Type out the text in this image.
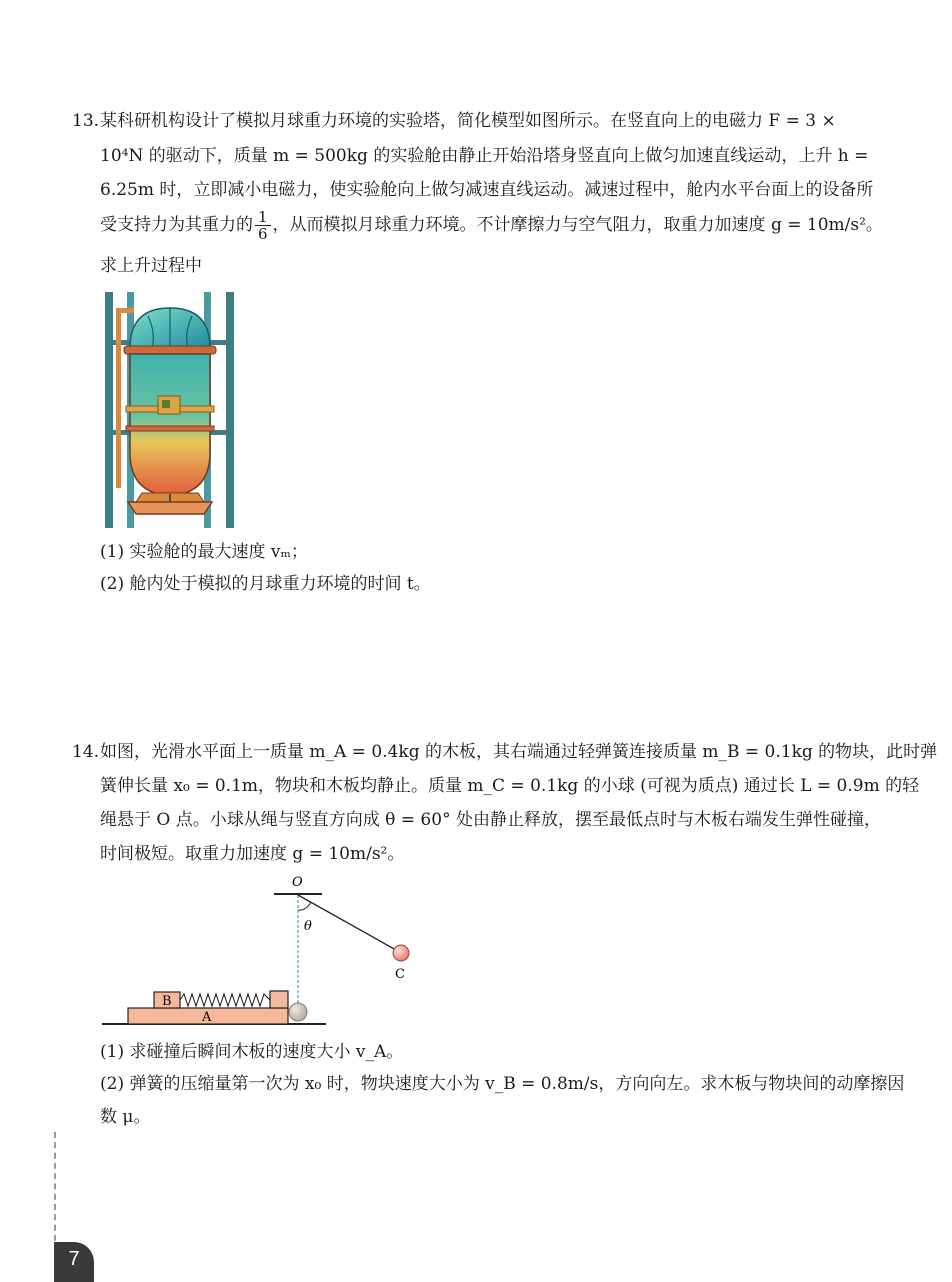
13. 某科研机构设计了模拟月球重力环境的实验塔，简化模型如图所示。在竖直向上的电磁力 F = 3 ×
10⁴N 的驱动下，质量 m = 500kg 的实验舱由静止开始沿塔身竖直向上做匀加速直线运动，上升 h =
6.25m 时，立即减小电磁力，使实验舱向上做匀减速直线运动。减速过程中，舱内水平台面上的设备所
受支持力为其重力的 $\frac{1}{6}$ ，从而模拟月球重力环境。不计摩擦力与空气阻力，取重力加速度 g = 10m/s²。
求上升过程中
(1) 实验舱的最大速度 vₘ；
(2) 舱内处于模拟的月球重力环境的时间 t。
14. 如图，光滑水平面上一质量 m_A = 0.4kg 的木板，其右端通过轻弹簧连接质量 m_B = 0.1kg 的物块，此时弹
簧伸长量 x₀ = 0.1m，物块和木板均静止。质量 m_C = 0.1kg 的小球 (可视为质点) 通过长 L = 0.9m 的轻
绳悬于 O 点。小球从绳与竖直方向成 θ = 60° 处由静止释放，摆至最低点时与木板右端发生弹性碰撞，
时间极短。取重力加速度 g = 10m/s²。
O
θ
C
A
B
(1) 求碰撞后瞬间木板的速度大小 v_A。
(2) 弹簧的压缩量第一次为 x₀ 时，物块速度大小为 v_B = 0.8m/s，方向向左。求木板与物块间的动摩擦因
数 μ。
7
